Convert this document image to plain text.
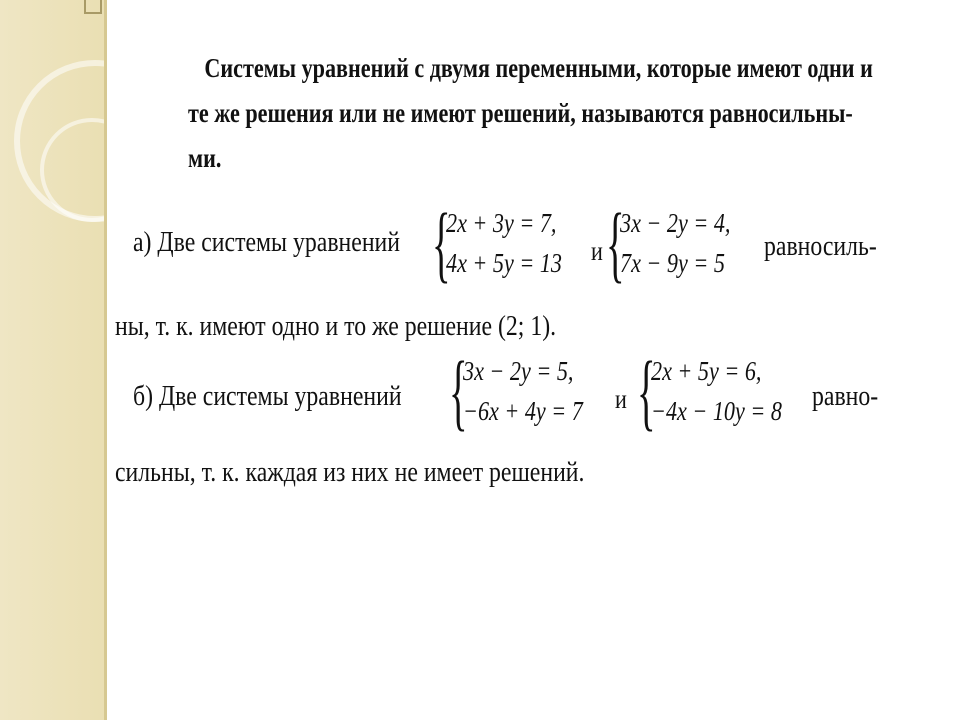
Системы уравнений с двумя переменными, которые имеют одни и

те же решения или не имеют решений, называются равносильны-

ми.

а) Две системы уравнений {
2x + 3y = 7,
4x + 5y = 13 и {
3x − 2y = 4,
7x − 9y = 5
равносиль-
ны, т. к. имеют одно и то же решение (2; 1).
б) Две системы уравнений {
3x − 2y = 5,
−6x + 4y = 7 и {
2x + 5y = 6,
−4x − 10y = 8 равно-
сильны, т. к. каждая из них не имеет решений.
